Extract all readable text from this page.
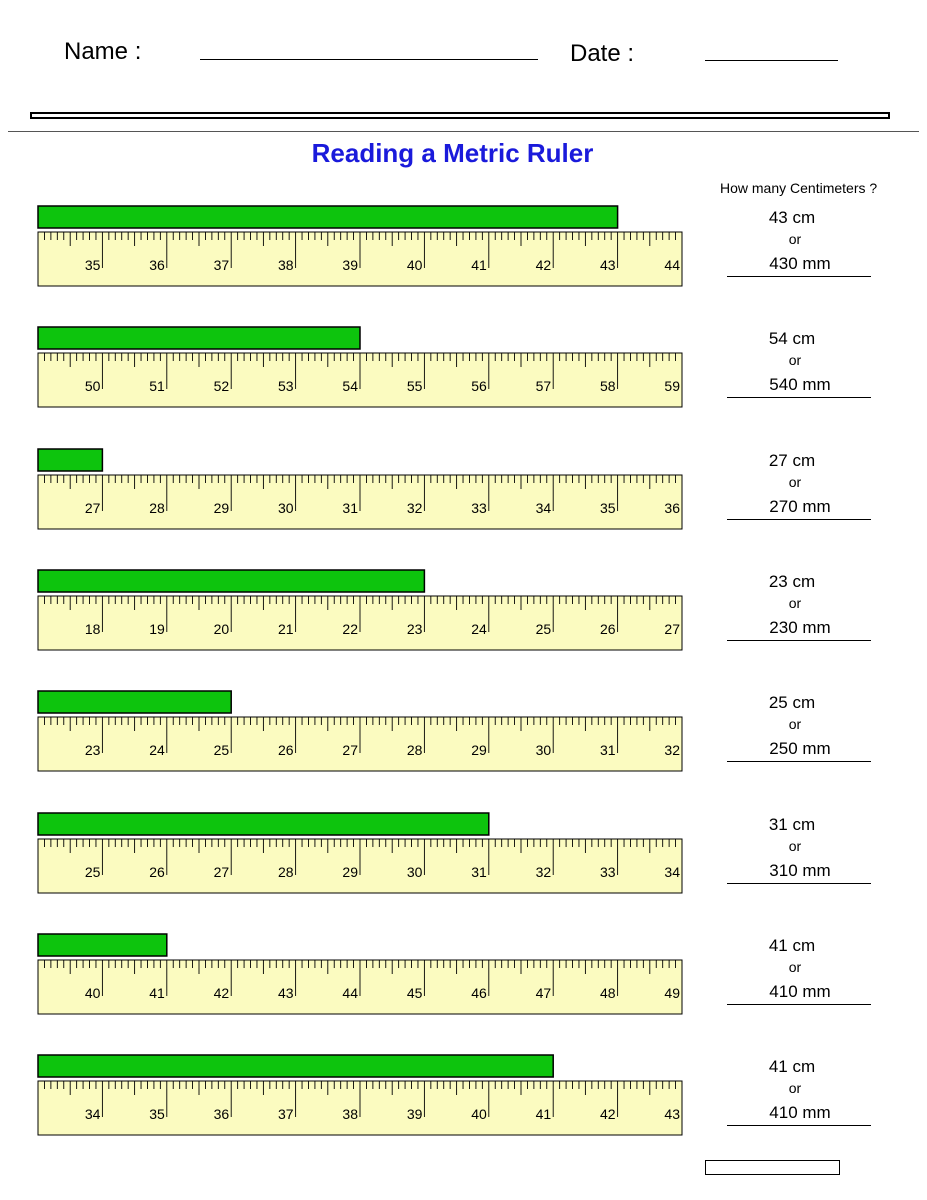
Name :	Date :
Reading a Metric Ruler
How many Centimeters ?
35	36	37	38	39	40	41	42	43	44
43 cm
or
430 mm
50	51	52	53	54	55	56	57	58	59
54 cm
or
540 mm
27	28	29	30	31	32	33	34	35	36
27 cm
or
270 mm
18	19	20	21	22	23	24	25	26	27
23 cm
or
230 mm
23	24	25	26	27	28	29	30	31	32
25 cm
or
250 mm
25	26	27	28	29	30	31	32	33	34
31 cm
or
310 mm
40	41	42	43	44	45	46	47	48	49
41 cm
or
410 mm
34	35	36	37	38	39	40	41	42	43
41 cm
or
410 mm
